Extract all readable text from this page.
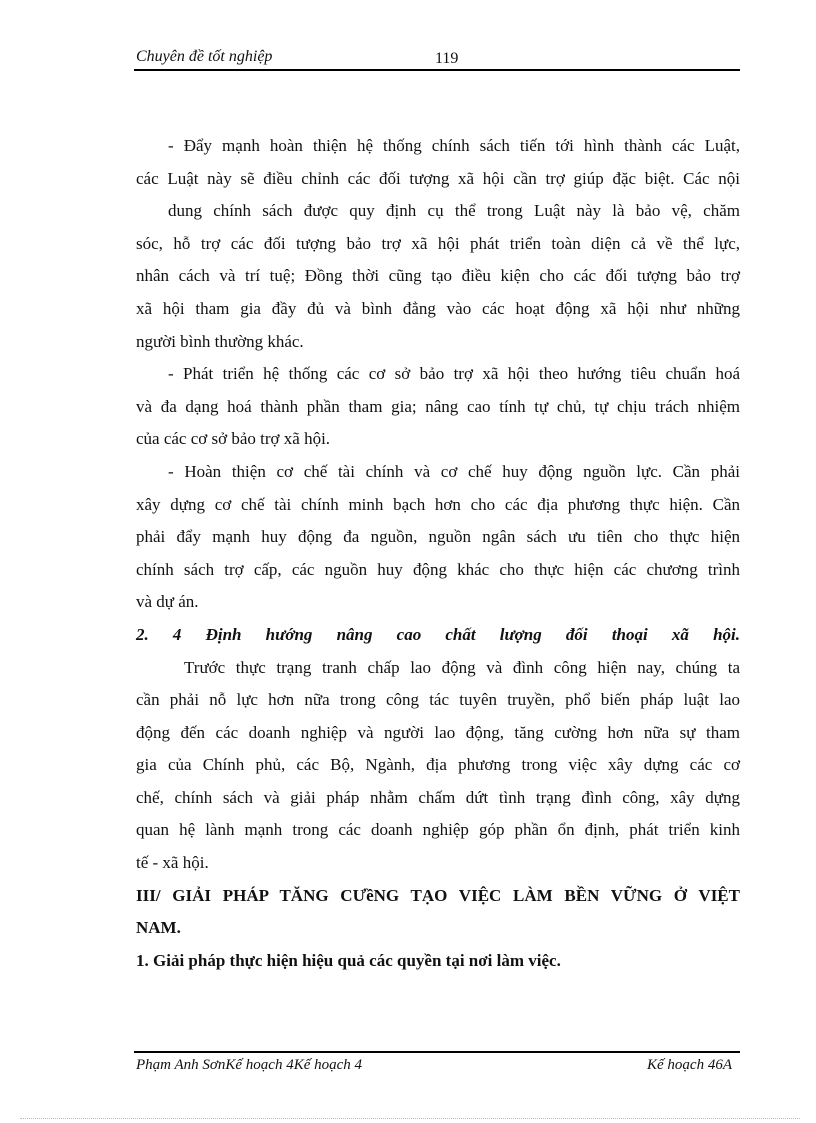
Chuyên đề tốt nghiệp	119

- Đẩy mạnh hoàn thiện hệ thống chính sách tiến tới hình thành các Luật,

các Luật này sẽ điều chỉnh các đối tượng xã hội cần trợ giúp đặc biệt. Các nội

dung chính sách được quy định cụ thể trong Luật này là bảo vệ, chăm

sóc, hỗ trợ các đối tượng bảo trợ xã hội phát triển toàn diện cả về thể lực,

nhân cách và trí tuệ; Đồng thời cũng tạo điều kiện cho các đối tượng bảo trợ

xã hội tham gia đầy đủ và bình đẳng vào các hoạt động xã hội như những

người bình thường khác.

- Phát triển hệ thống các cơ sở bảo trợ xã hội theo hướng tiêu chuẩn hoá

và đa dạng hoá thành phần tham gia; nâng cao tính tự chủ, tự chịu trách nhiệm

của các cơ sở bảo trợ xã hội.

- Hoàn thiện cơ chế tài chính và cơ chế huy động nguồn lực. Cần phải

xây dựng cơ chế tài chính minh bạch hơn cho các địa phương thực hiện. Cần

phải đẩy mạnh huy động đa nguồn, nguồn ngân sách ưu tiên cho thực hiện

chính sách trợ cấp, các nguồn huy động khác cho thực hiện các chương trình

và dự án.

2. 4 Định hướng nâng cao chất lượng đối thoại xã hội.

Trước thực trạng tranh chấp lao động và đình công hiện nay, chúng ta

cần phải nỗ lực hơn nữa trong công tác tuyên truyền, phổ biến pháp luật lao

động đến các doanh nghiệp và người lao động, tăng cường hơn nữa sự tham

gia của Chính phủ, các Bộ, Ngành, địa phương trong việc xây dựng các cơ

chế, chính sách và giải pháp nhằm chấm dứt tình trạng đình công, xây dựng

quan hệ lành mạnh trong các doanh nghiệp góp phần ổn định, phát triển kinh

tế - xã hội.

III/ GIẢI PHÁP TĂNG CƯềNG TẠO VIỆC LÀM BỀN VỮNG Ở VIỆT

NAM.

1. Giải pháp thực hiện hiệu quả các quyền tại nơi làm việc.

Phạm Anh SơnKế hoạch 4Kế hoạch 4	Kế hoạch 46A
